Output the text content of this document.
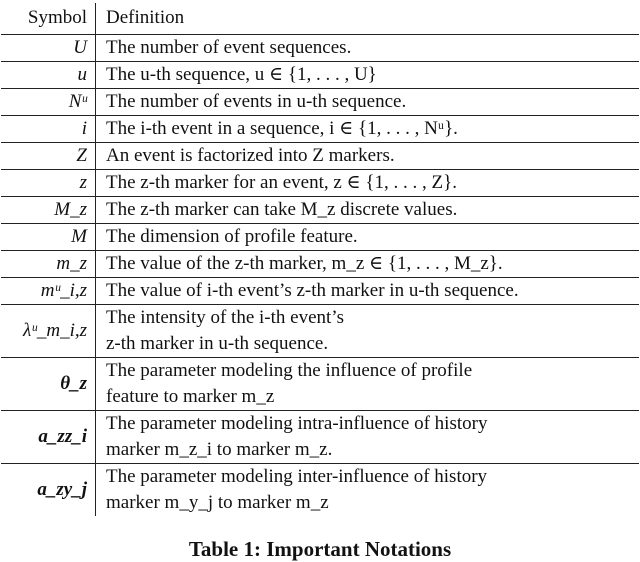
Symbol	Definition
U	The number of event sequences.
u	The u-th sequence, u ∈ {1, . . . , U}
Nᵘ	The number of events in u-th sequence.
i	The i-th event in a sequence, i ∈ {1, . . . , Nᵘ}.
Z	An event is factorized into Z markers.
z	The z-th marker for an event, z ∈ {1, . . . , Z}.
M_z	The z-th marker can take M_z discrete values.
M	The dimension of profile feature.
m_z	The value of the z-th marker, m_z ∈ {1, . . . , M_z}.
mᵘ_i,z	The value of i-th event’s z-th marker in u-th sequence.
λᵘ_m_i,z	The intensity of the i-th event’s
z-th marker in u-th sequence.

θ_z	The parameter modeling the influence of profile
feature to marker m_z

a_zz_i	The parameter modeling intra-influence of history
marker m_z_i to marker m_z.

a_zy_j	The parameter modeling inter-influence of history
marker m_y_j to marker m_z
Table 1: Important Notations
